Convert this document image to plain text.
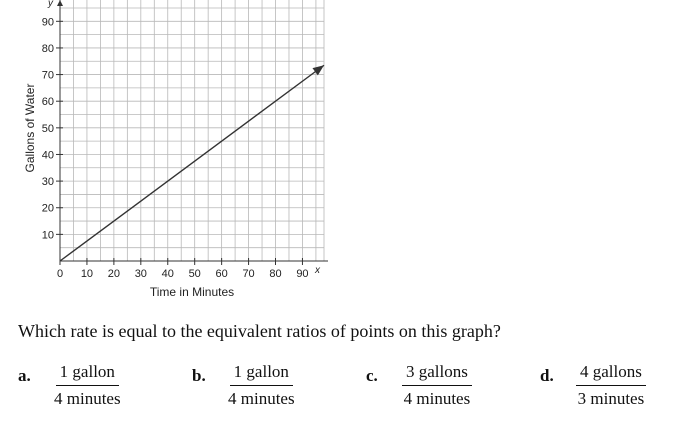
0 10 20 30 40 50 60 70 80 90
10
20
30
40
50
60
70
80
90
Time in Minutes
Gallons of Water
x
y
Which rate is equal to the equivalent ratios of points on this graph?
a.	$\frac{\text{1 gallon}}{\text{4 minutes}}$	b.	$\frac{\text{1 gallon}}{\text{4 minutes}}$	c.	$\frac{\text{3 gallons}}{\text{4 minutes}}$	d.	$\frac{\text{4 gallons}}{\text{3 minutes}}$
